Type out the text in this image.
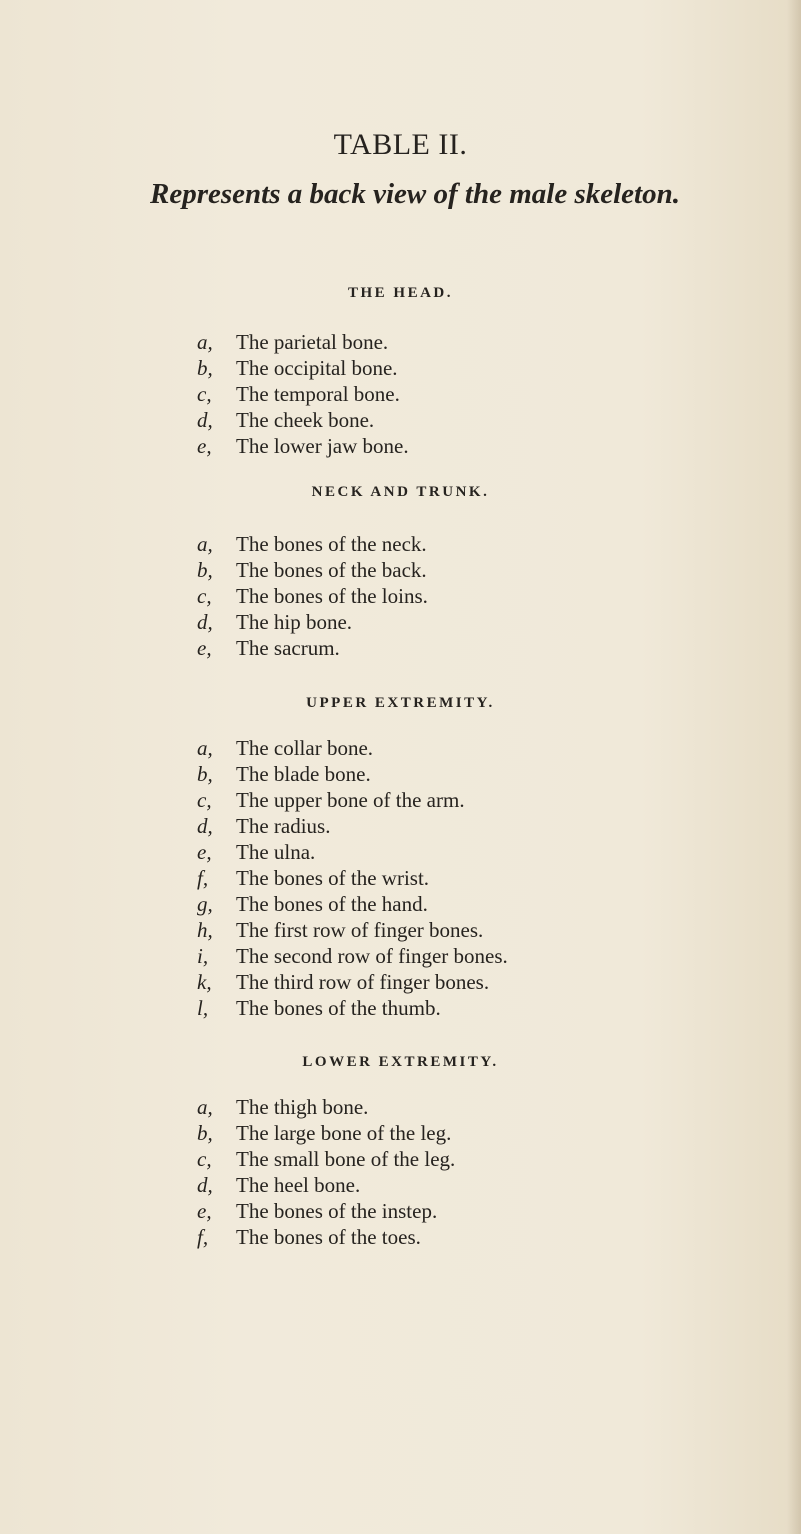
TABLE II.
Represents a back view of the male skeleton.
THE HEAD.
a,	The parietal bone.
b,	The occipital bone.
c,	The temporal bone.
d,	The cheek bone.
e,	The lower jaw bone.
NECK AND TRUNK.
a,	The bones of the neck.
b,	The bones of the back.
c,	The bones of the loins.
d,	The hip bone.
e,	The sacrum.
UPPER EXTREMITY.
a,	The collar bone.
b,	The blade bone.
c,	The upper bone of the arm.
d,	The radius.
e,	The ulna.
f,	The bones of the wrist.
g,	The bones of the hand.
h,	The first row of finger bones.
i,	The second row of finger bones.
k,	The third row of finger bones.
l,	The bones of the thumb.
LOWER EXTREMITY.
a,	The thigh bone.
b,	The large bone of the leg.
c,	The small bone of the leg.
d,	The heel bone.
e,	The bones of the instep.
f,	The bones of the toes.
